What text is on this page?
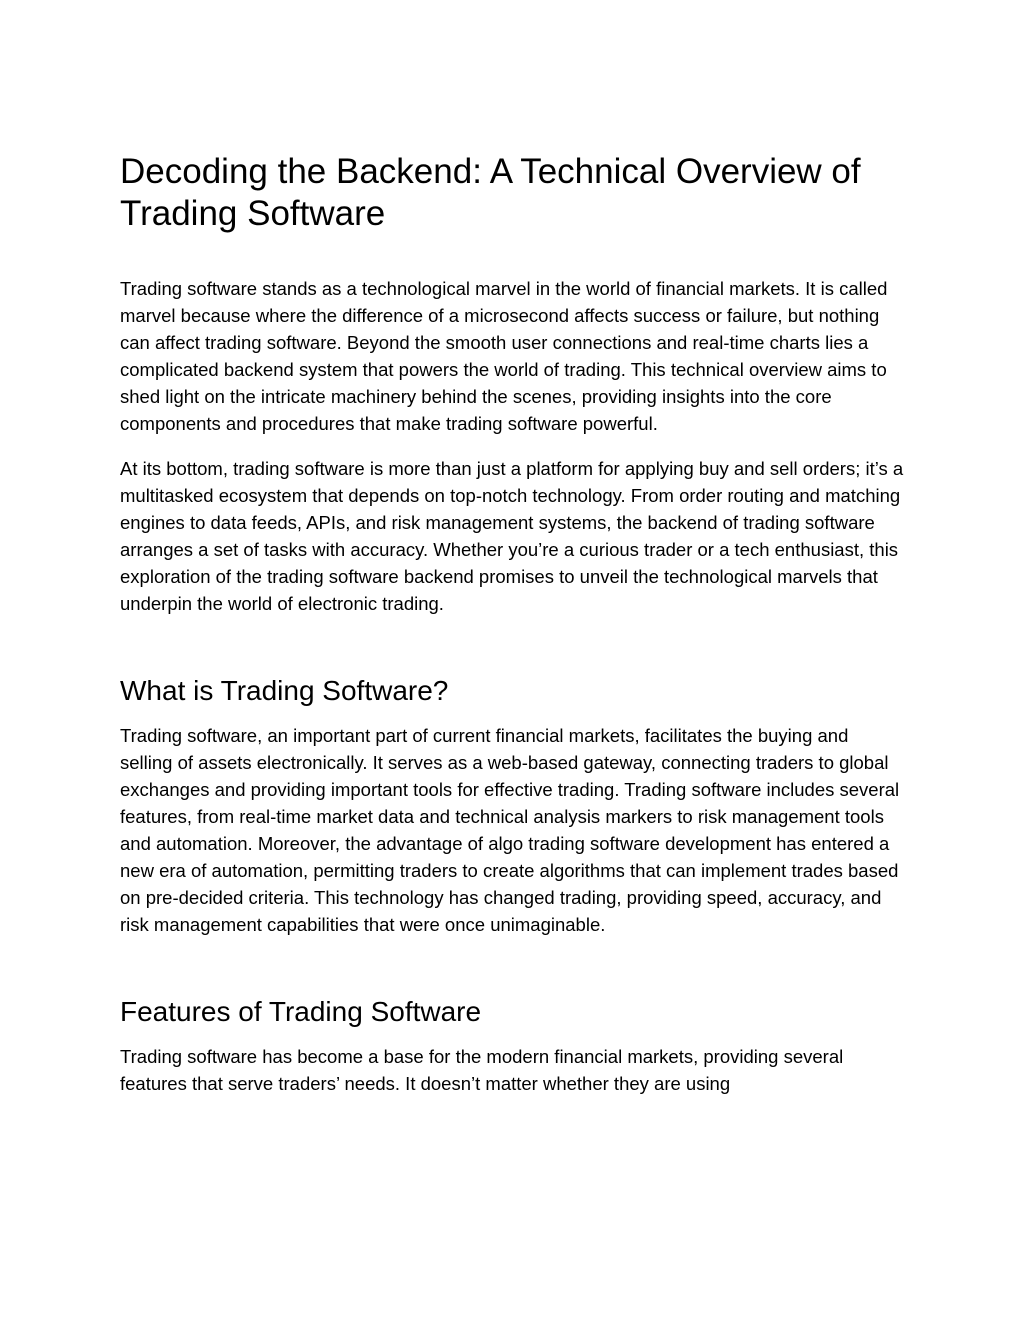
Decoding the Backend: A Technical Overview of Trading Software

Trading software stands as a technological marvel in the world of financial markets. It is called marvel because where the difference of a microsecond affects success or failure, but nothing can affect trading software. Beyond the smooth user connections and real-time charts lies a complicated backend system that powers the world of trading. This technical overview aims to shed light on the intricate machinery behind the scenes, providing insights into the core components and procedures that make trading software powerful.

At its bottom, trading software is more than just a platform for applying buy and sell orders; it’s a multitasked ecosystem that depends on top-notch technology. From order routing and matching engines to data feeds, APIs, and risk management systems, the backend of trading software arranges a set of tasks with accuracy. Whether you’re a curious trader or a tech enthusiast, this exploration of the trading software backend promises to unveil the technological marvels that underpin the world of electronic trading.

What is Trading Software?

Trading software, an important part of current financial markets, facilitates the buying and selling of assets electronically. It serves as a web-based gateway, connecting traders to global exchanges and providing important tools for effective trading. Trading software includes several features, from real-time market data and technical analysis markers to risk management tools and automation. Moreover, the advantage of algo trading software development has entered a new era of automation, permitting traders to create algorithms that can implement trades based on pre-decided criteria. This technology has changed trading, providing speed, accuracy, and risk management capabilities that were once unimaginable.

Features of Trading Software

Trading software has become a base for the modern financial markets, providing several features that serve traders’ needs. It doesn’t matter whether they are using
